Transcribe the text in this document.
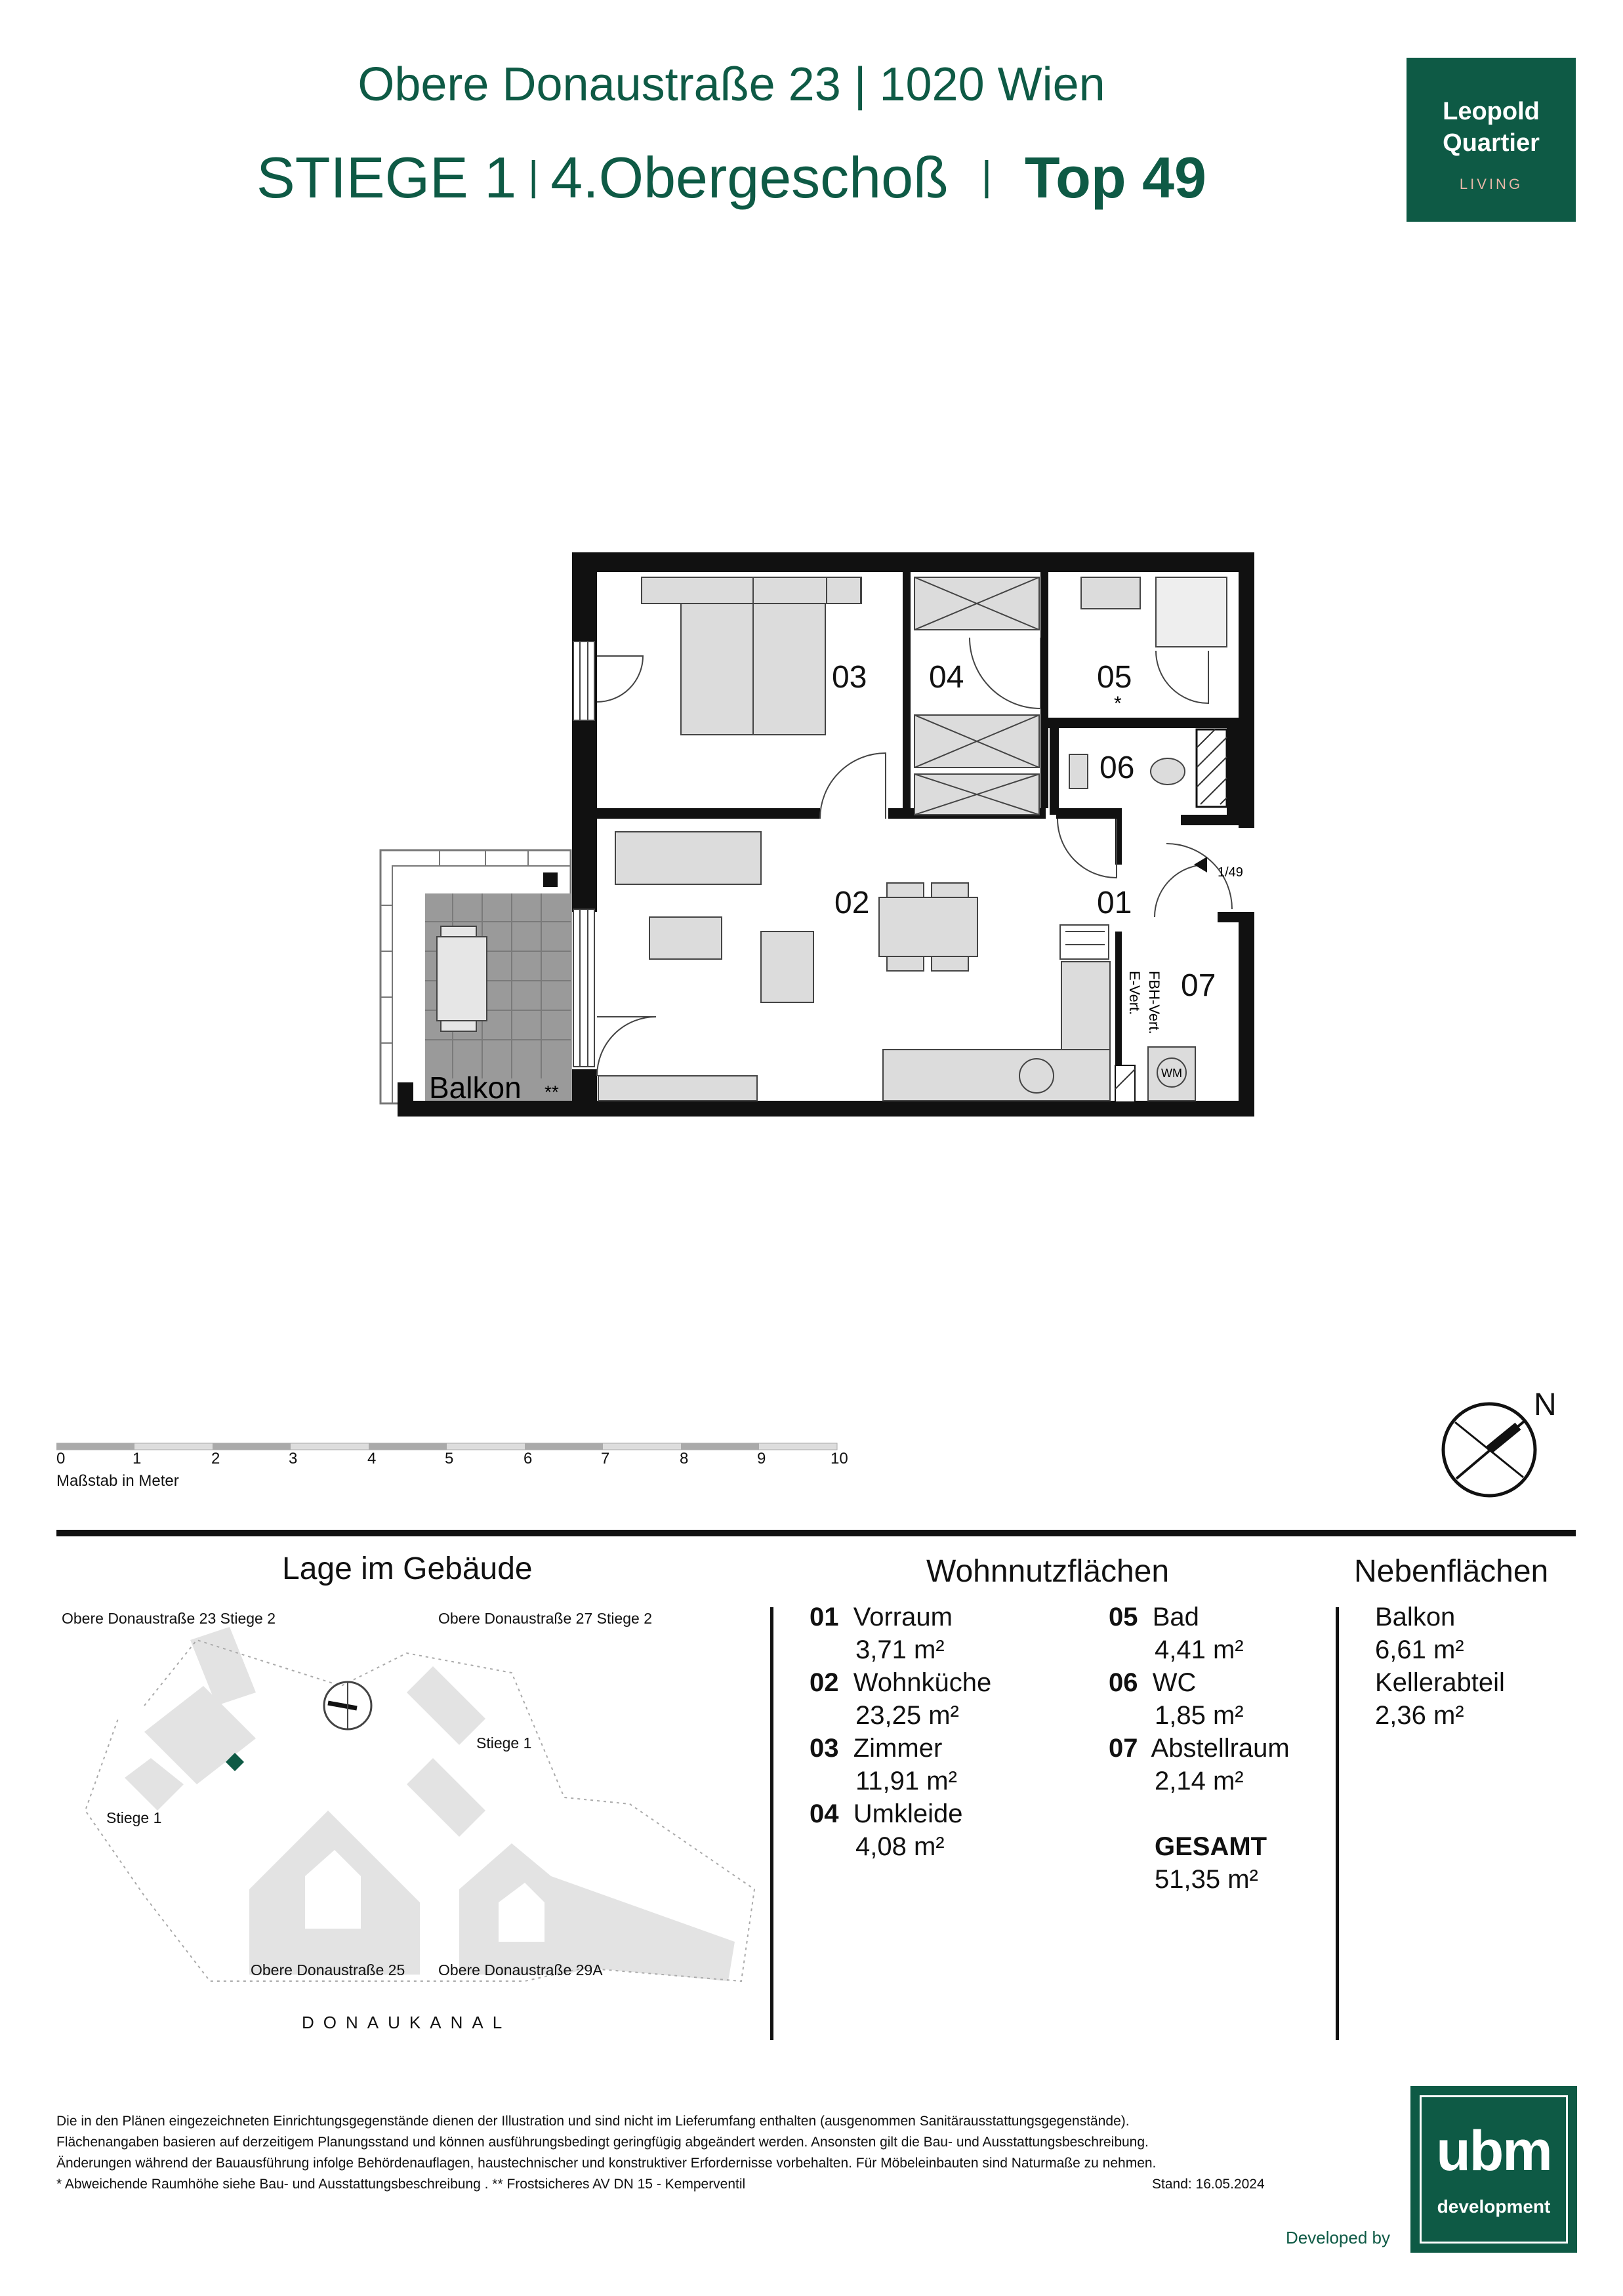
Obere Donaustraße 23 | 1020 Wien
STIEGE 1 | 4.Obergeschoß | Top 49
Leopold
Quartier
LIVING
03 04	05
06
02	01
07
*
Balkon **
1/49
FBH-Vert.
E-Vert.
WM
0	1	2	3	4	5	6	7	8	9	10
Maßstab in Meter
N
Lage im Gebäude
Obere Donaustraße 23 Stiege 2	Obere Donaustraße 27 Stiege 2
Stiege 1
Stiege 1
Obere Donaustraße 25 Obere Donaustraße 29A
DONAUKANAL
Wohnnutzflächen
01 Vorraum
3,71 m²
02 Wohnküche
23,25 m²
03 Zimmer
11,91 m²
04 Umkleide
4,08 m²
05 Bad
4,41 m²
06 WC
1,85 m²
07 Abstellraum
2,14 m²
GESAMT
51,35 m²
Nebenflächen
Balkon
6,61 m²
Kellerabteil
2,36 m²
Die in den Plänen eingezeichneten Einrichtungsgegenstände dienen der Illustration und sind nicht im Lieferumfang enthalten (ausgenommen Sanitärausstattungsgegenstände).
Flächenangaben basieren auf derzeitigem Planungsstand und können ausführungsbedingt geringfügig abgeändert werden. Ansonsten gilt die Bau- und Ausstattungsbeschreibung.
Änderungen während der Bauausführung infolge Behördenauflagen, haustechnischer und konstruktiver Erfordernisse vorbehalten. Für Möbeleinbauten sind Naturmaße zu nehmen.
* Abweichende Raumhöhe siehe Bau- und Ausstattungsbeschreibung . ** Frostsicheres AV DN 15 - Kemperventil	Stand: 16.05.2024
ubm
development
Developed by
